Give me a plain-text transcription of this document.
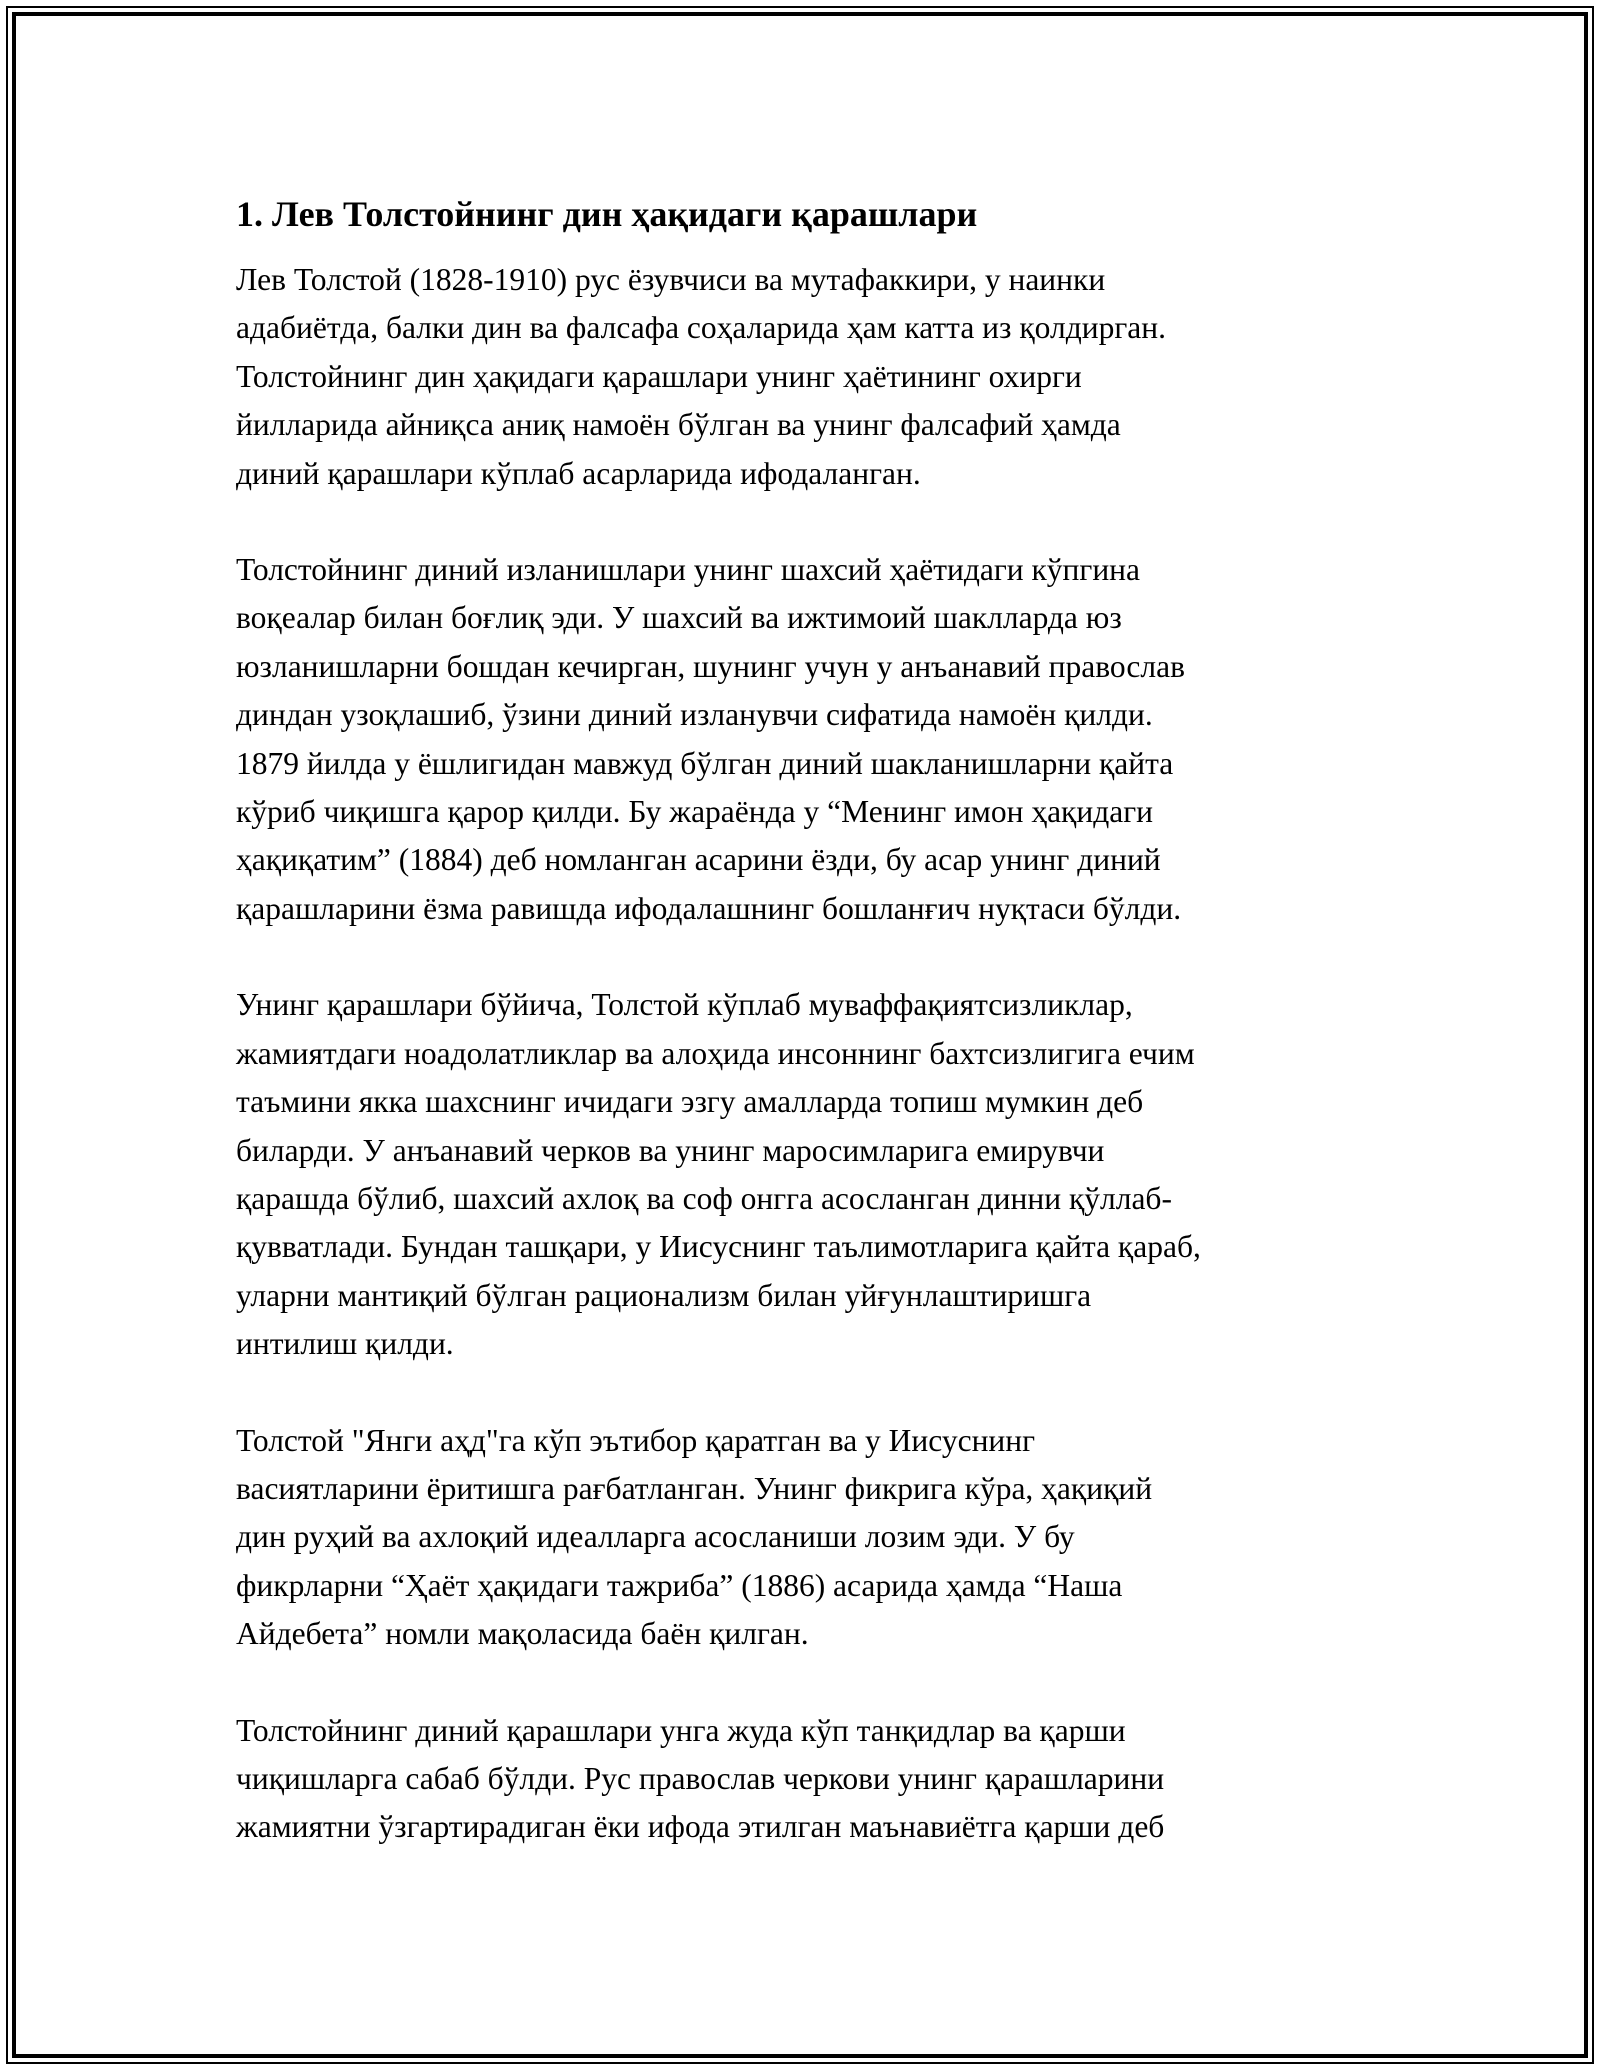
1. Лев Толстойнинг дин ҳақидаги қарашлари
Лев Толстой (1828-1910) рус ёзувчиси ва мутафаккири, у наинки
адабиётда, балки дин ва фалсафа соҳаларида ҳам катта из қолдирган.
Толстойнинг дин ҳақидаги қарашлари унинг ҳаётининг охирги
йилларида айниқса аниқ намоён бўлган ва унинг фалсафий ҳамда
диний қарашлари кўплаб асарларида ифодаланган.
Толстойнинг диний изланишлари унинг шахсий ҳаётидаги кўпгина
воқеалар билан боғлиқ эди. У шахсий ва ижтимоий шаклларда юз
юзланишларни бошдан кечирган, шунинг учун у анъанавий православ
диндан узоқлашиб, ўзини диний изланувчи сифатида намоён қилди.
1879 йилда у ёшлигидан мавжуд бўлган диний шакланишларни қайта
кўриб чиқишга қарор қилди. Бу жараёнда у “Менинг имон ҳақидаги
ҳақиқатим” (1884) деб номланган асарини ёзди, бу асар унинг диний
қарашларини ёзма равишда ифодалашнинг бошланғич нуқтаси бўлди.
Унинг қарашлари бўйича, Толстой кўплаб муваффақиятсизликлар,
жамиятдаги ноадолатликлар ва алоҳида инсоннинг бахтсизлигига ечим
таъмини якка шахснинг ичидаги эзгу амалларда топиш мумкин деб
биларди. У анъанавий черков ва унинг маросимларига емирувчи
қарашда бўлиб, шахсий ахлоқ ва соф онгга асосланган динни қўллаб-
қувватлади. Бундан ташқари, у Иисуснинг таълимотларига қайта қараб,
уларни мантиқий бўлган рационализм билан уйғунлаштиришга
интилиш қилди.
Толстой "Янги аҳд"га кўп эътибор қаратган ва у Иисуснинг
васиятларини ёритишга рағбатланган. Унинг фикрига кўра, ҳақиқий
дин руҳий ва ахлоқий идеалларга асосланиши лозим эди. У бу
фикрларни “Ҳаёт ҳақидаги тажриба” (1886) асарида ҳамда “Наша
Айдебета” номли мақоласида баён қилган.
Толстойнинг диний қарашлари унга жуда кўп танқидлар ва қарши
чиқишларга сабаб бўлди. Рус православ черкови унинг қарашларини
жамиятни ўзгартирадиган ёки ифода этилган маънавиётга қарши деб
